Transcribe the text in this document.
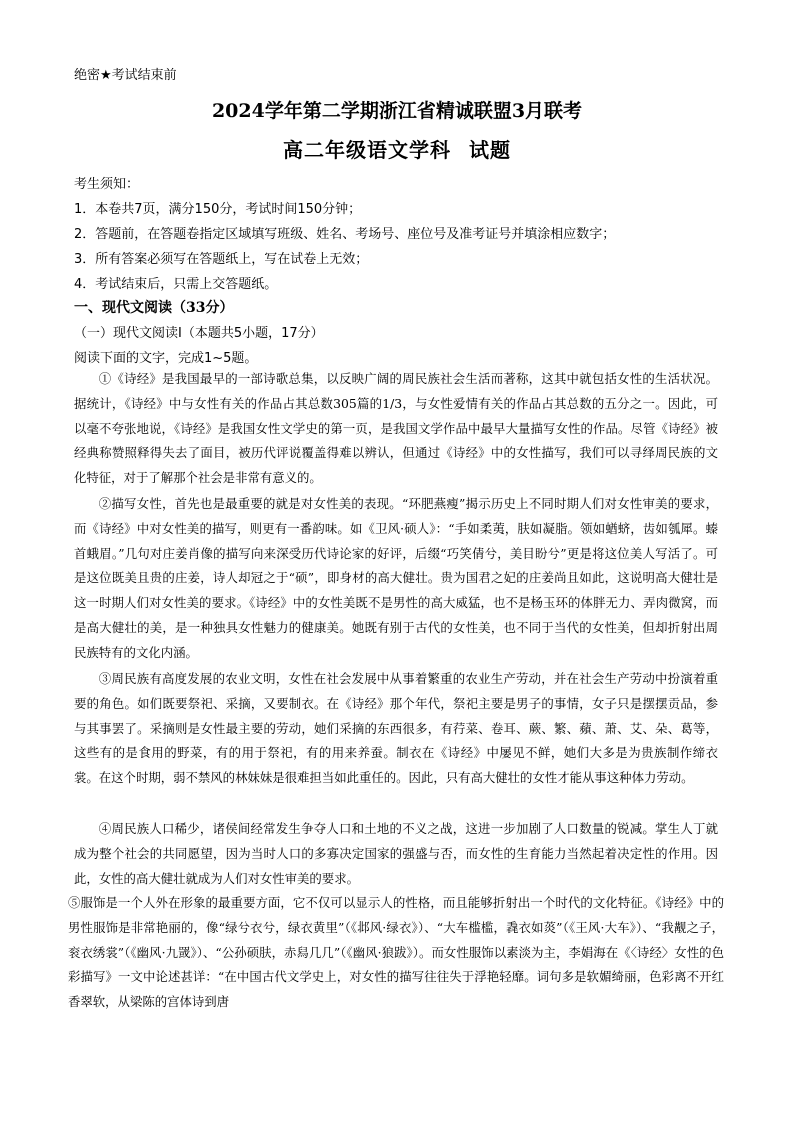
绝密★考试结束前
2024学年第二学期浙江省精诚联盟3月联考
高二年级语文学科 试题
考生须知：
1．本卷共7页，满分150分，考试时间150分钟；
2．答题前，在答题卷指定区域填写班级、姓名、考场号、座位号及准考证号并填涂相应数字；
3．所有答案必须写在答题纸上，写在试卷上无效；
4．考试结束后，只需上交答题纸。
一、现代文阅读（33分）
（一）现代文阅读Ⅰ（本题共5小题，17分）
阅读下面的文字，完成1~5题。

①《诗经》是我国最早的一部诗歌总集，以反映广阔的周民族社会生活而著称，这其中就包括女性的生活状况。据统计，《诗经》中与女性有关的作品占其总数305篇的1/3，与女性爱情有关的作品占其总数的五分之一。因此，可以毫不夸张地说，《诗经》是我国女性文学史的第一页，是我国文学作品中最早大量描写女性的作品。尽管《诗经》被经典称赞照释得失去了面目，被历代评说覆盖得难以辨认，但通过《诗经》中的女性描写，我们可以寻绎周民族的文化特征，对于了解那个社会是非常有意义的。

②描写女性，首先也是最重要的就是对女性美的表现。“环肥燕瘦”揭示历史上不同时期人们对女性审美的要求，而《诗经》中对女性美的描写，则更有一番韵味。如《卫风·硕人》：“手如柔荑，肤如凝脂。领如蝤蛴，齿如瓠犀。螓首蛾眉。”几句对庄姜肖像的描写向来深受历代诗论家的好评，后缀“巧笑倩兮，美目盼兮”更是将这位美人写活了。可是这位既美且贵的庄姜，诗人却冠之于“硕”，即身材的高大健壮。贵为国君之妃的庄姜尚且如此，这说明高大健壮是这一时期人们对女性美的要求。《诗经》中的女性美既不是男性的高大威猛，也不是杨玉环的体胖无力、弄肉微窝，而是高大健壮的美，是一种独具女性魅力的健康美。她既有别于古代的女性美，也不同于当代的女性美，但却折射出周民族特有的文化内涵。

③周民族有高度发展的农业文明，女性在社会发展中从事着繁重的农业生产劳动，并在社会生产劳动中扮演着重要的角色。如们既要祭祀、采摘，又要制衣。在《诗经》那个年代，祭祀主要是男子的事情，女子只是摆摆贡品，参与其事罢了。采摘则是女性最主要的劳动，她们采摘的东西很多，有荇菜、卷耳、蕨、繁、蘋、萧、艾、朵、葛等，这些有的是食用的野菜，有的用于祭祀，有的用来养蚕。制衣在《诗经》中屡见不鲜，她们大多是为贵族制作缔衣裳。在这个时期，弱不禁风的林妹妹是很难担当如此重任的。因此，只有高大健壮的女性才能从事这种体力劳动。

④周民族人口稀少，诸侯间经常发生争夺人口和土地的不义之战，这进一步加剧了人口数量的锐减。掌生人丁就成为整个社会的共同愿望，因为当时人口的多寡决定国家的强盛与否，而女性的生育能力当然起着决定性的作用。因此，女性的高大健壮就成为人们对女性审美的要求。

⑤服饰是一个人外在形象的最重要方面，它不仅可以显示人的性格，而且能够折射出一个时代的文化特征。《诗经》中的男性服饰是非常艳丽的，像“绿兮衣兮，绿衣黄里”（《邶风·绿衣》）、“大车槛槛，毳衣如菼”（《王风·大车》）、“我觏之子，衮衣绣裳”（《幽风·九罭》）、“公孙硕肤，赤舄几几”（《幽风·狼跋》）。而女性服饰以素淡为主，李娟海在《〈诗经〉女性的色彩描写》一文中论述甚详：“在中国古代文学史上，对女性的描写往往失于浮艳轻靡。词句多是软媚绮丽，色彩离不开红香翠软，从梁陈的宫体诗到唐
